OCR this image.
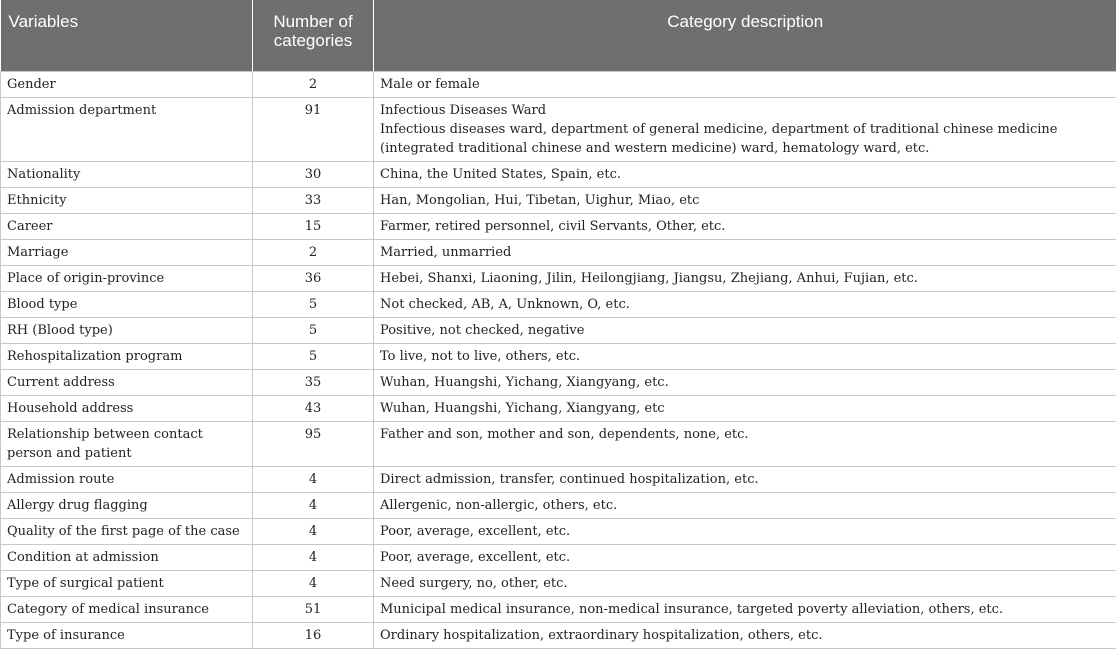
Variables	Number of categories	Category description
Gender	2	Male or female

Admission department	91	Infectious Diseases Ward
Infectious diseases ward, department of general medicine, department of traditional chinese medicine (integrated traditional chinese and western medicine) ward, hematology ward, etc.

Nationality	30	China, the United States, Spain, etc.

Ethnicity	33	Han, Mongolian, Hui, Tibetan, Uighur, Miao, etc

Career	15	Farmer, retired personnel, civil Servants, Other, etc.

Marriage	2	Married, unmarried

Place of origin-province	36	Hebei, Shanxi, Liaoning, Jilin, Heilongjiang, Jiangsu, Zhejiang, Anhui, Fujian, etc.

Blood type	5	Not checked, AB, A, Unknown, O, etc.

RH (Blood type)	5	Positive, not checked, negative

Rehospitalization program	5	To live, not to live, others, etc.

Current address	35	Wuhan, Huangshi, Yichang, Xiangyang, etc.

Household address	43	Wuhan, Huangshi, Yichang, Xiangyang, etc

Relationship between contact person and patient	95	Father and son, mother and son, dependents, none, etc.

Admission route	4	Direct admission, transfer, continued hospitalization, etc.

Allergy drug flagging	4	Allergenic, non-allergic, others, etc.

Quality of the first page of the case	4	Poor, average, excellent, etc.

Condition at admission	4	Poor, average, excellent, etc.

Type of surgical patient	4	Need surgery, no, other, etc.

Category of medical insurance	51	Municipal medical insurance, non-medical insurance, targeted poverty alleviation, others, etc.

Type of insurance	16	Ordinary hospitalization, extraordinary hospitalization, others, etc.
